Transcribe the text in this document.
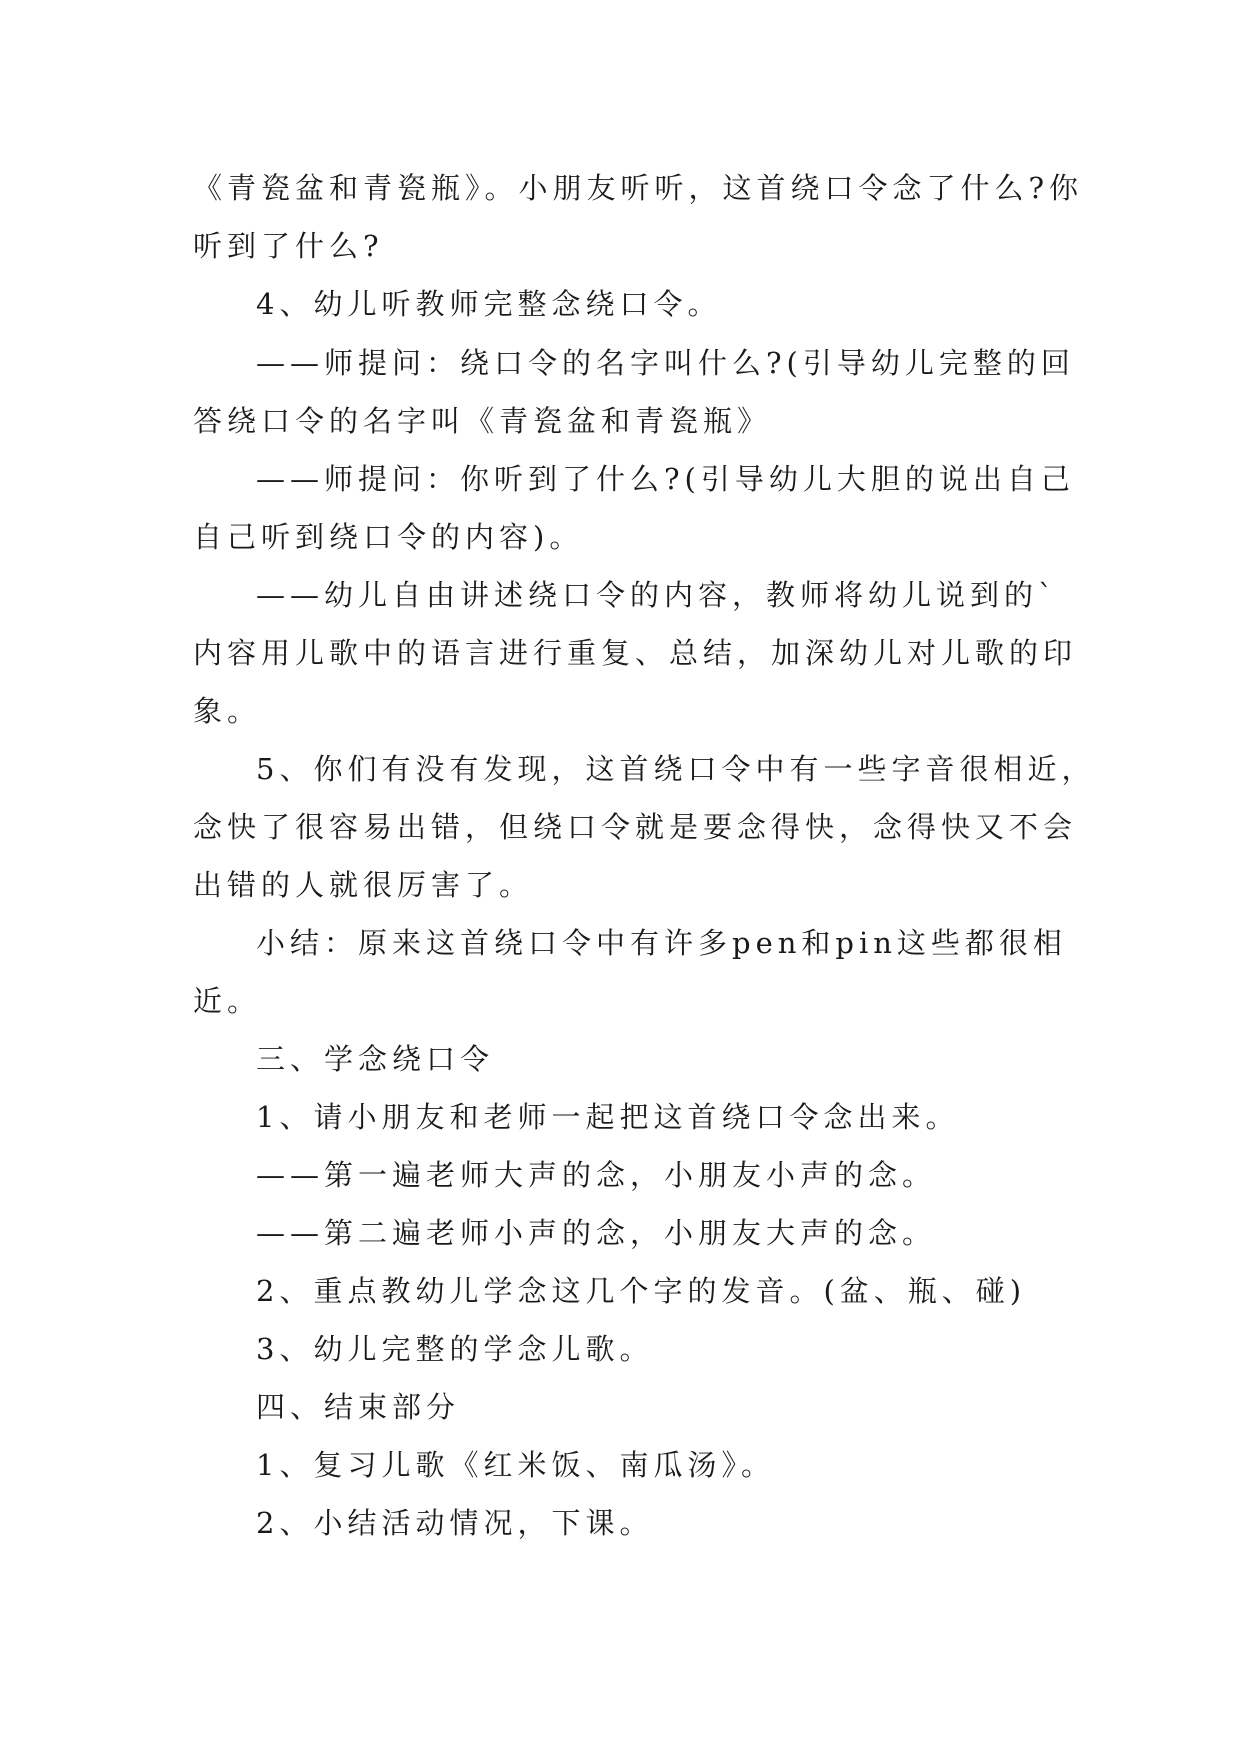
《青瓷盆和青瓷瓶》。小朋友听听，这首绕口令念了什么?你
听到了什么?
4、幼儿听教师完整念绕口令。
——师提问：绕口令的名字叫什么?(引导幼儿完整的回
答绕口令的名字叫《青瓷盆和青瓷瓶》
——师提问：你听到了什么?(引导幼儿大胆的说出自己
自己听到绕口令的内容)。
——幼儿自由讲述绕口令的内容，教师将幼儿说到的`
内容用儿歌中的语言进行重复、总结，加深幼儿对儿歌的印
象。
5、你们有没有发现，这首绕口令中有一些字音很相近，
念快了很容易出错，但绕口令就是要念得快，念得快又不会
出错的人就很厉害了。
小结：原来这首绕口令中有许多pen和pin这些都很相
近。
三、学念绕口令
1、请小朋友和老师一起把这首绕口令念出来。
——第一遍老师大声的念，小朋友小声的念。
——第二遍老师小声的念，小朋友大声的念。
2、重点教幼儿学念这几个字的发音。(盆、瓶、碰)
3、幼儿完整的学念儿歌。
四、结束部分
1、复习儿歌《红米饭、南瓜汤》。
2、小结活动情况，下课。
